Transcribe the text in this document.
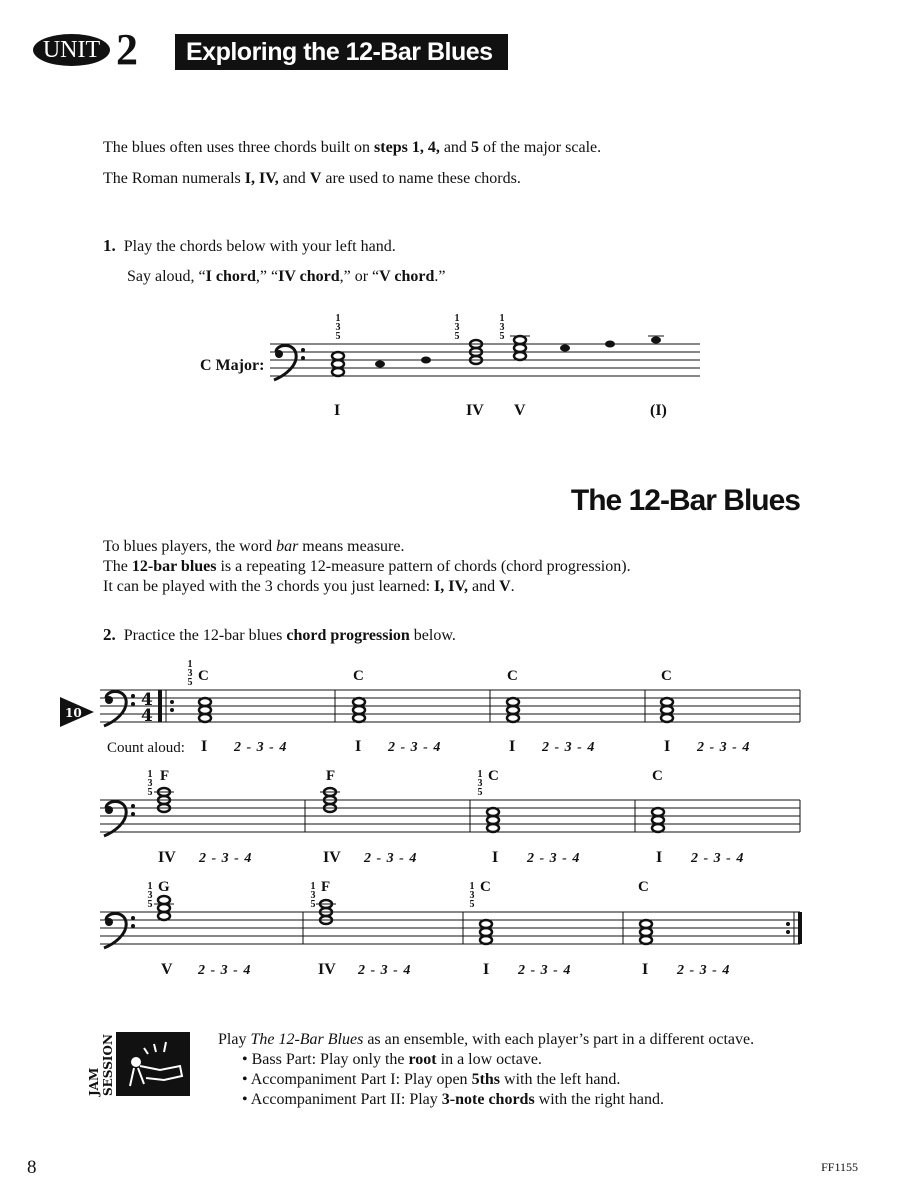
UNIT 2	Exploring the 12-Bar Blues in C
The blues often uses three chords built on steps 1, 4, and 5 of the major scale.
The Roman numerals I, IV, and V are used to name these chords.
1. Play the chords below with your left hand.
Say aloud, “I chord,” “IV chord,” or “V chord.”
C Major:
1
3
5
1
3
5
1
3
5
I	IV V	(I)
The 12-Bar Blues
To blues players, the word bar means measure.
The 12-bar blues is a repeating 12-measure pattern of chords (chord progression).
It can be played with the 3 chords you just learned: I, IV, and V.
2. Practice the 12-bar blues chord progression below.
10
4
4
1
3
5 C	C	C	C
Count aloud: I 2 - 3 - 4	I 2 - 3 - 4	I 2 - 3 - 4	I 2 - 3 - 4
1
3
5
F	F	1
3
5
C	C
IV 2 - 3 - 4	IV 2 - 3 - 4	I 2 - 3 - 4	I 2 - 3 - 4
1
3
5
G	1
3
5
F	1
3
5
C	C
V 2 - 3 - 4	IV 2 - 3 - 4	I 2 - 3 - 4	I 2 - 3 - 4
JAM SESSION	Play The 12-Bar Blues as an ensemble, with each player’s part in a different octave.
• Bass Part: Play only the root in a low octave.
• Accompaniment Part I: Play open 5ths with the left hand.
• Accompaniment Part II: Play 3-note chords with the right hand.
8	FF1155
